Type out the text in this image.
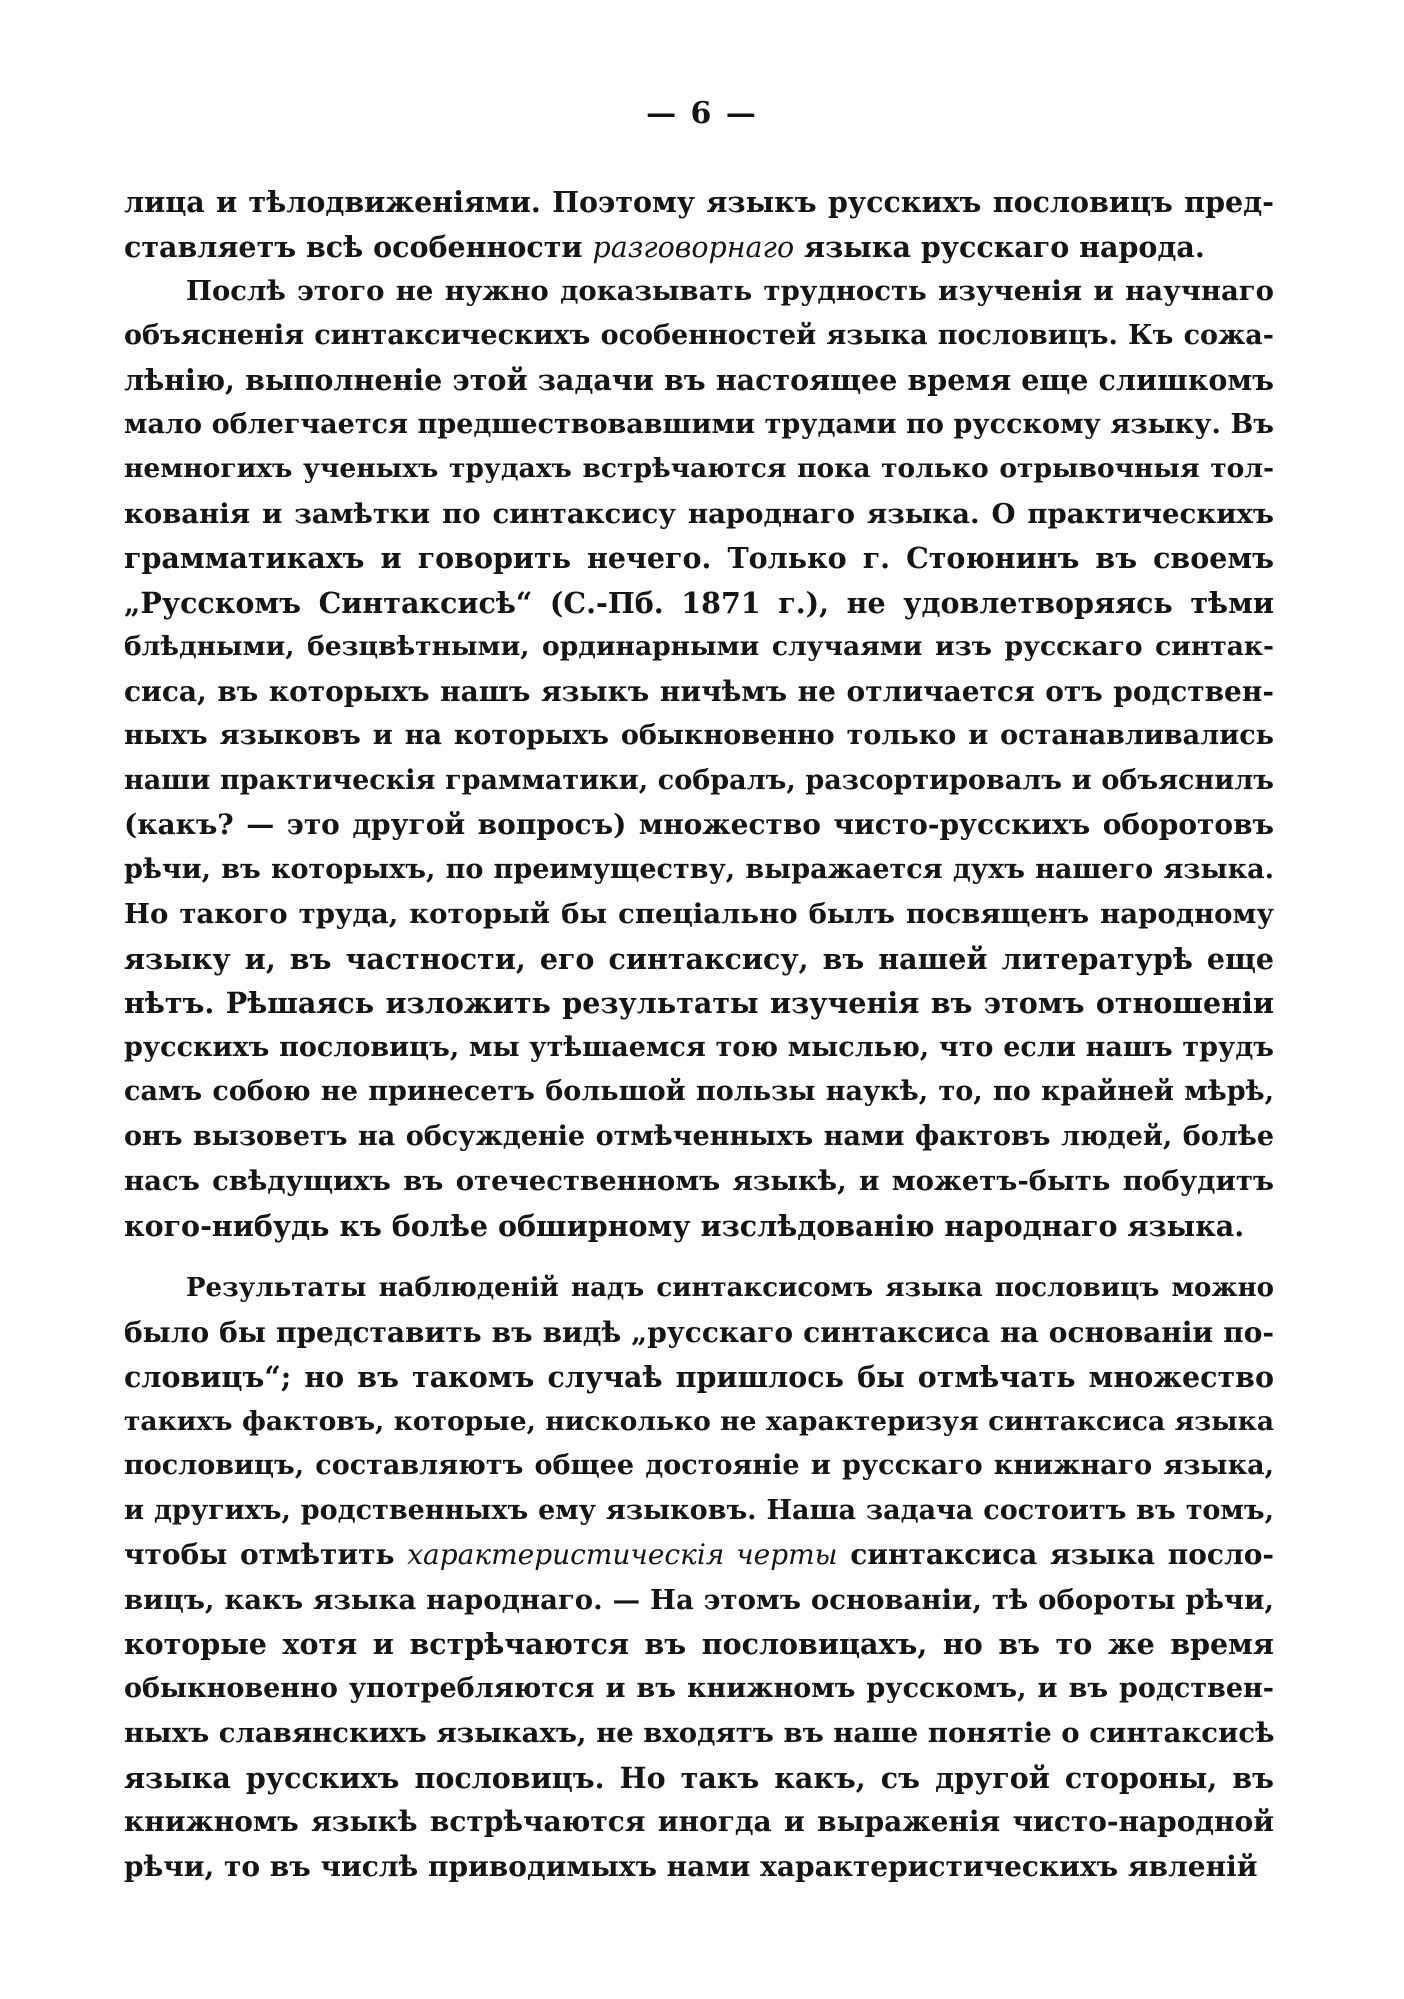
— 6 —
лица и тѣлодвиженіями. Поэтому языкъ русскихъ пословицъ пред-
ставляетъ всѣ особенности разговорнаго языка русскаго народа.
Послѣ этого не нужно доказывать трудность изученія и научнаго
объясненія синтаксическихъ особенностей языка пословицъ. Къ сожа-
лѣнію, выполненіе этой задачи въ настоящее время еще слишкомъ
мало облегчается предшествовавшими трудами по русскому языку. Въ
немногихъ ученыхъ трудахъ встрѣчаются пока только отрывочныя тол-
кованія и замѣтки по синтаксису народнаго языка. О практическихъ
грамматикахъ и говорить нечего. Только г. Стоюнинъ въ своемъ
„Русскомъ Синтаксисѣ“ (С.-Пб. 1871 г.), не удовлетворяясь тѣми
блѣдными, безцвѣтными, ординарными случаями изъ русскаго синтак-
сиса, въ которыхъ нашъ языкъ ничѣмъ не отличается отъ родствен-
ныхъ языковъ и на которыхъ обыкновенно только и останавливались
наши практическія грамматики, собралъ, разсортировалъ и объяснилъ
(какъ? — это другой вопросъ) множество чисто-русскихъ оборотовъ
рѣчи, въ которыхъ, по преимуществу, выражается духъ нашего языка.
Но такого труда, который бы спеціально былъ посвященъ народному
языку и, въ частности, его синтаксису, въ нашей литературѣ еще
нѣтъ. Рѣшаясь изложить результаты изученія въ этомъ отношеніи
русскихъ пословицъ, мы утѣшаемся тою мыслью, что если нашъ трудъ
самъ собою не принесетъ большой пользы наукѣ, то, по крайней мѣрѣ,
онъ вызоветъ на обсужденіе отмѣченныхъ нами фактовъ людей, болѣе
насъ свѣдущихъ въ отечественномъ языкѣ, и можетъ-быть побудитъ
кого-нибудь къ болѣе обширному изслѣдованію народнаго языка.
Результаты наблюденій надъ синтаксисомъ языка пословицъ можно
было бы представить въ видѣ „русскаго синтаксиса на основаніи по-
словицъ“; но въ такомъ случаѣ пришлось бы отмѣчать множество
такихъ фактовъ, которые, нисколько не характеризуя синтаксиса языка
пословицъ, составляютъ общее достояніе и русскаго книжнаго языка,
и другихъ, родственныхъ ему языковъ. Наша задача состоитъ въ томъ,
чтобы отмѣтить характеристическія черты синтаксиса языка посло-
вицъ, какъ языка народнаго. — На этомъ основаніи, тѣ обороты рѣчи,
которые хотя и встрѣчаются въ пословицахъ, но въ то же время
обыкновенно употребляются и въ книжномъ русскомъ, и въ родствен-
ныхъ славянскихъ языкахъ, не входятъ въ наше понятіе о синтаксисѣ
языка русскихъ пословицъ. Но такъ какъ, съ другой стороны, въ
книжномъ языкѣ встрѣчаются иногда и выраженія чисто-народной
рѣчи, то въ числѣ приводимыхъ нами характеристическихъ явленій
